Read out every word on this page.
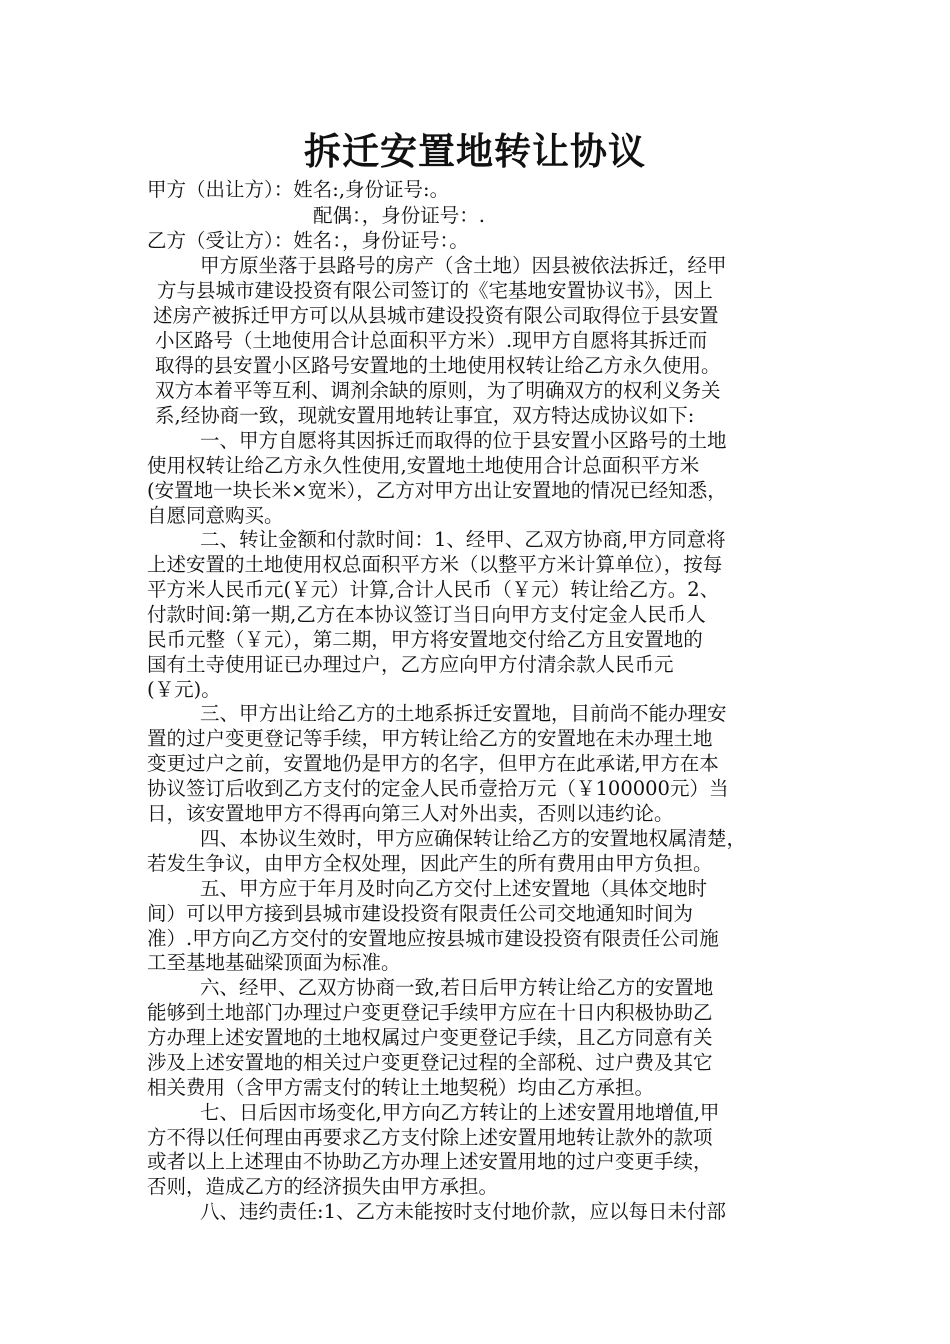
拆迁安置地转让协议
甲方（出让方）：姓名:,身份证号:。
配偶：，身份证号：.
乙方（受让方）：姓名：，身份证号：。
甲方原坐落于县路号的房产（含土地）因县被依法拆迁，经甲
方与县城市建设投资有限公司签订的《宅基地安置协议书》，因上
述房产被拆迁甲方可以从县城市建设投资有限公司取得位于县安置
小区路号（土地使用合计总面积平方米）.现甲方自愿将其拆迁而
取得的县安置小区路号安置地的土地使用权转让给乙方永久使用。
双方本着平等互利、调剂余缺的原则，为了明确双方的权利义务关
系,经协商一致，现就安置用地转让事宜，双方特达成协议如下:
一、甲方自愿将其因拆迁而取得的位于县安置小区路号的土地
使用权转让给乙方永久性使用,安置地土地使用合计总面积平方米
(安置地一块长米×宽米），乙方对甲方出让安置地的情况已经知悉，
自愿同意购买。
二、转让金额和付款时间：1、经甲、乙双方协商,甲方同意将
上述安置的土地使用权总面积平方米（以整平方米计算单位），按每
平方米人民币元(￥元）计算,合计人民币（￥元）转让给乙方。2、
付款时间:第一期,乙方在本协议签订当日向甲方支付定金人民币人
民币元整（￥元），第二期，甲方将安置地交付给乙方且安置地的
国有土寺使用证已办理过户，乙方应向甲方付清余款人民币元
(￥元)。
三、甲方出让给乙方的土地系拆迁安置地，目前尚不能办理安
置的过户变更登记等手续，甲方转让给乙方的安置地在未办理土地
变更过户之前，安置地仍是甲方的名字，但甲方在此承诺,甲方在本
协议签订后收到乙方支付的定金人民币壹拾万元（￥100000元）当
日，该安置地甲方不得再向第三人对外出卖，否则以违约论。
四、本协议生效时，甲方应确保转让给乙方的安置地权属清楚，
若发生争议，由甲方全权处理，因此产生的所有费用由甲方负担。
五、甲方应于年月及时向乙方交付上述安置地（具体交地时
间）可以甲方接到县城市建设投资有限责任公司交地通知时间为
准）.甲方向乙方交付的安置地应按县城市建设投资有限责任公司施
工至基地基础梁顶面为标准。
六、经甲、乙双方协商一致,若日后甲方转让给乙方的安置地
能够到土地部门办理过户变更登记手续甲方应在十日内积极协助乙
方办理上述安置地的土地权属过户变更登记手续，且乙方同意有关
涉及上述安置地的相关过户变更登记过程的全部税、过户费及其它
相关费用（含甲方需支付的转让土地契税）均由乙方承担。
七、日后因市场变化,甲方向乙方转让的上述安置用地增值,甲
方不得以任何理由再要求乙方支付除上述安置用地转让款外的款项
或者以上上述理由不协助乙方办理上述安置用地的过户变更手续，
否则，造成乙方的经济损失由甲方承担。
八、违约责任:1、乙方未能按时支付地价款，应以每日未付部
